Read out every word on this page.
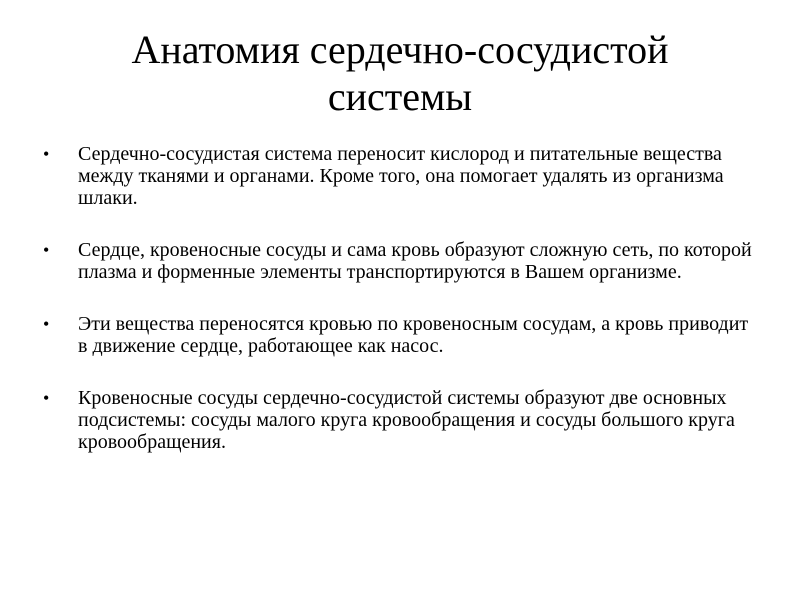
Анатомия сердечно-сосудистой системы
• Сердечно-сосудистая система переносит кислород и питательные вещества между тканями и органами. Кроме того, она помогает удалять из организма шлаки.
• Сердце, кровеносные сосуды и сама кровь образуют сложную сеть, по которой плазма и форменные элементы транспортируются в Вашем организме.
• Эти вещества переносятся кровью по кровеносным сосудам, а кровь приводит в движение сердце, работающее как насос.
• Кровеносные сосуды сердечно-сосудистой системы образуют две основных подсистемы: сосуды малого круга кровообращения и сосуды большого круга кровообращения.
